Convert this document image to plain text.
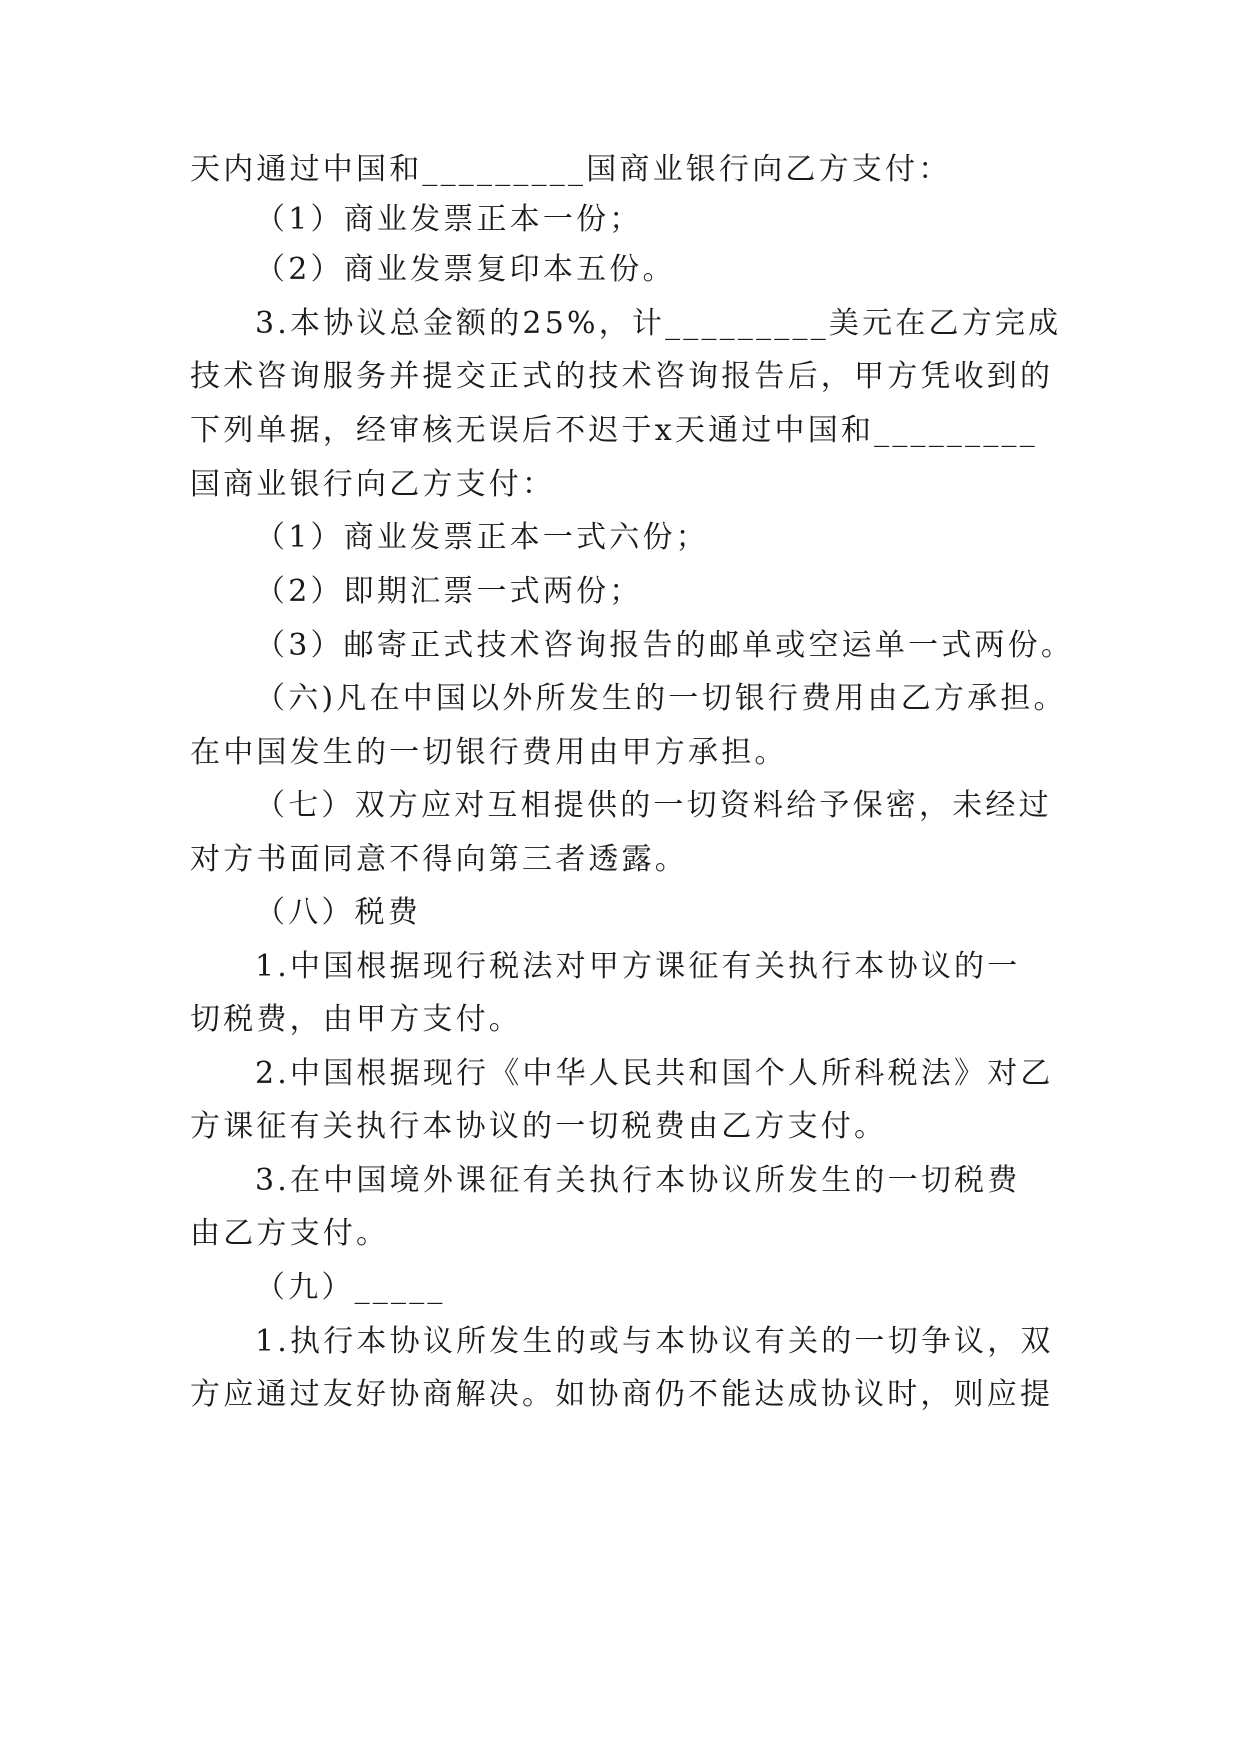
天内通过中国和_________国商业银行向乙方支付：
（1）商业发票正本一份；
（2）商业发票复印本五份。
3.本协议总金额的25%，计_________美元在乙方完成
技术咨询服务并提交正式的技术咨询报告后，甲方凭收到的
下列单据，经审核无误后不迟于x天通过中国和_________
国商业银行向乙方支付：
（1）商业发票正本一式六份；
（2）即期汇票一式两份；
（3）邮寄正式技术咨询报告的邮单或空运单一式两份。
（六)凡在中国以外所发生的一切银行费用由乙方承担。
在中国发生的一切银行费用由甲方承担。
（七）双方应对互相提供的一切资料给予保密，未经过
对方书面同意不得向第三者透露。
（八）税费
1.中国根据现行税法对甲方课征有关执行本协议的一
切税费，由甲方支付。
2.中国根据现行《中华人民共和国个人所科税法》对乙
方课征有关执行本协议的一切税费由乙方支付。
3.在中国境外课征有关执行本协议所发生的一切税费
由乙方支付。
（九）_____
1.执行本协议所发生的或与本协议有关的一切争议，双
方应通过友好协商解决。如协商仍不能达成协议时，则应提
